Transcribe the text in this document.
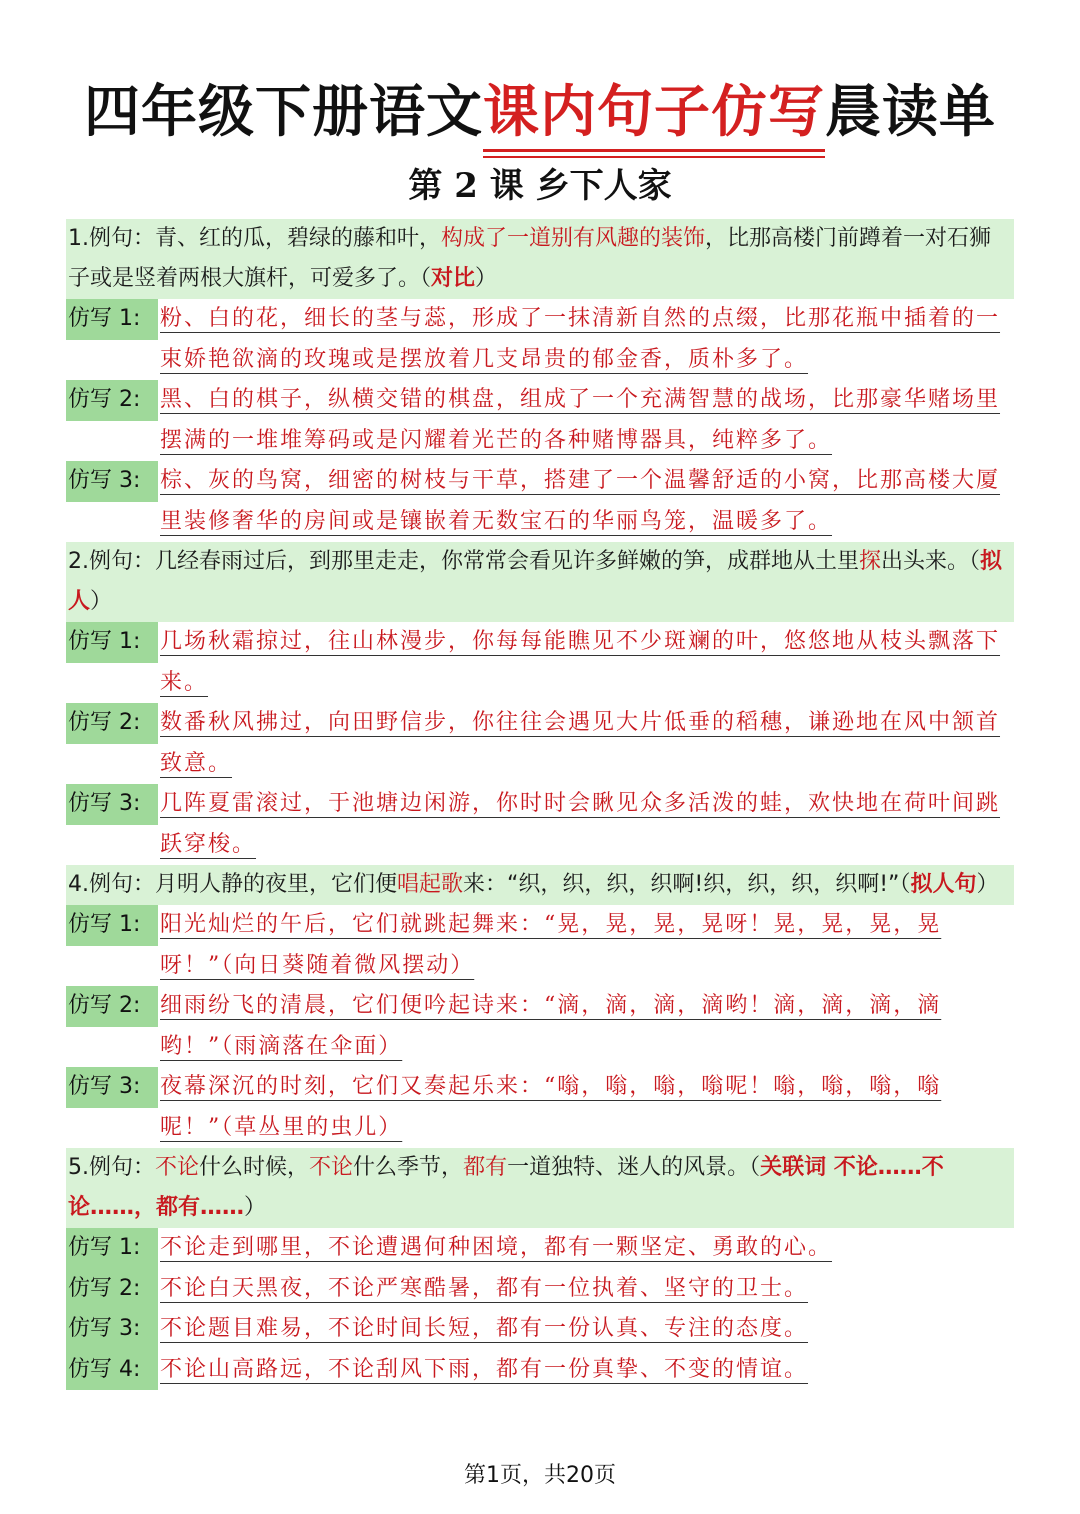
四年级下册语文课内句子仿写晨读单
第 2 课 乡下人家
1.例句：青、红的瓜，碧绿的藤和叶，构成了一道别有风趣的装饰，比那高楼门前蹲着一对石狮子或是竖着两根大旗杆，可爱多了。（对比）
仿写 1: 粉、白的花，细长的茎与蕊，形成了一抹清新自然的点缀，比那花瓶中插着的一束娇艳欲滴的玫瑰或是摆放着几支昂贵的郁金香，质朴多了。
仿写 2: 黑、白的棋子，纵横交错的棋盘，组成了一个充满智慧的战场，比那豪华赌场里摆满的一堆堆筹码或是闪耀着光芒的各种赌博器具，纯粹多了。
仿写 3: 棕、灰的鸟窝，细密的树枝与干草，搭建了一个温馨舒适的小窝，比那高楼大厦里装修奢华的房间或是镶嵌着无数宝石的华丽鸟笼，温暖多了。
2.例句：几经春雨过后，到那里走走，你常常会看见许多鲜嫩的笋，成群地从土里探出头来。（拟人）
仿写 1: 几场秋霜掠过，往山林漫步，你每每能瞧见不少斑斓的叶，悠悠地从枝头飘落下来。
仿写 2: 数番秋风拂过，向田野信步，你往往会遇见大片低垂的稻穗，谦逊地在风中颔首致意。
仿写 3: 几阵夏雷滚过，于池塘边闲游，你时时会瞅见众多活泼的蛙，欢快地在荷叶间跳跃穿梭。
4.例句：月明人静的夜里，它们便唱起歌来：“织，织，织，织啊!织，织，织，织啊!”（拟人句）
仿写 1: 阳光灿烂的午后，它们就跳起舞来：“晃，晃，晃，晃呀！晃，晃，晃，晃呀！”（向日葵随着微风摆动）
仿写 2: 细雨纷飞的清晨，它们便吟起诗来：“滴，滴，滴，滴哟！滴，滴，滴，滴哟！”（雨滴落在伞面）
仿写 3: 夜幕深沉的时刻，它们又奏起乐来：“嗡，嗡，嗡，嗡呢！嗡，嗡，嗡，嗡呢！”（草丛里的虫儿）
5.例句：不论什么时候，不论什么季节，都有一道独特、迷人的风景。（关联词 不论……不论……，都有……）
仿写 1: 不论走到哪里，不论遭遇何种困境，都有一颗坚定、勇敢的心。
仿写 2: 不论白天黑夜，不论严寒酷暑，都有一位执着、坚守的卫士。
仿写 3: 不论题目难易，不论时间长短，都有一份认真、专注的态度。
仿写 4: 不论山高路远，不论刮风下雨，都有一份真挚、不变的情谊。
第1页，共20页
